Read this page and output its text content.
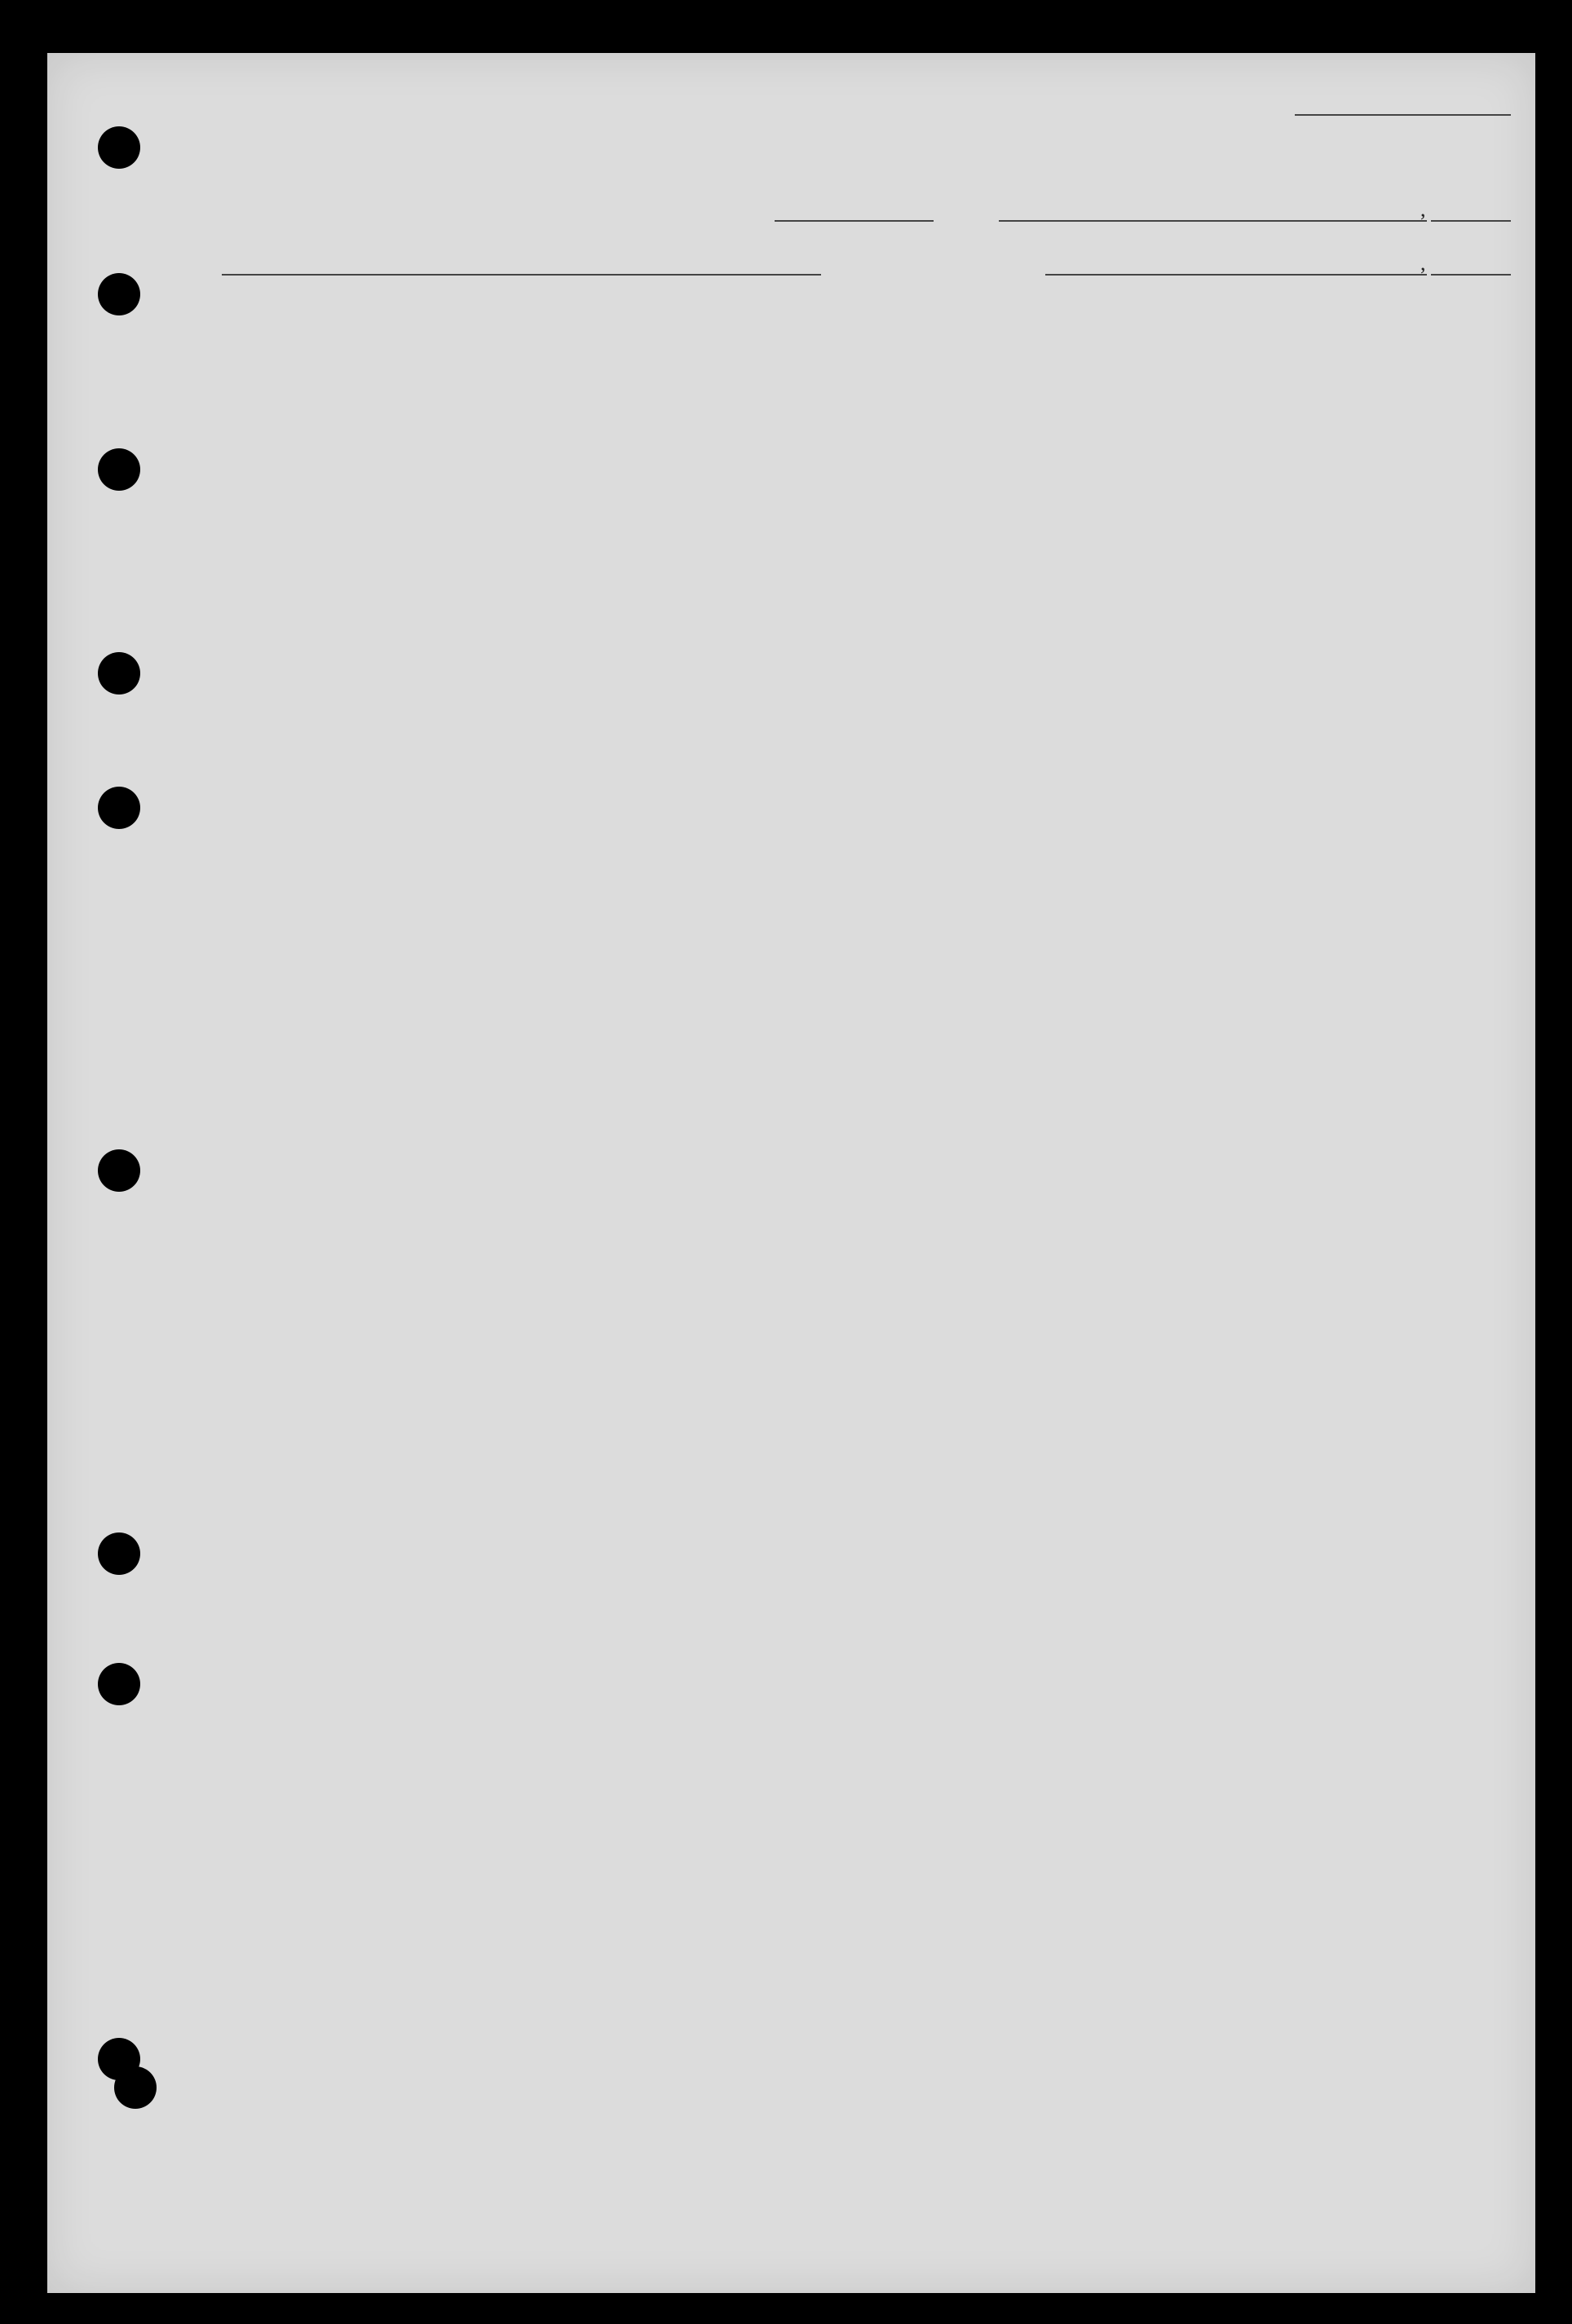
,
,
